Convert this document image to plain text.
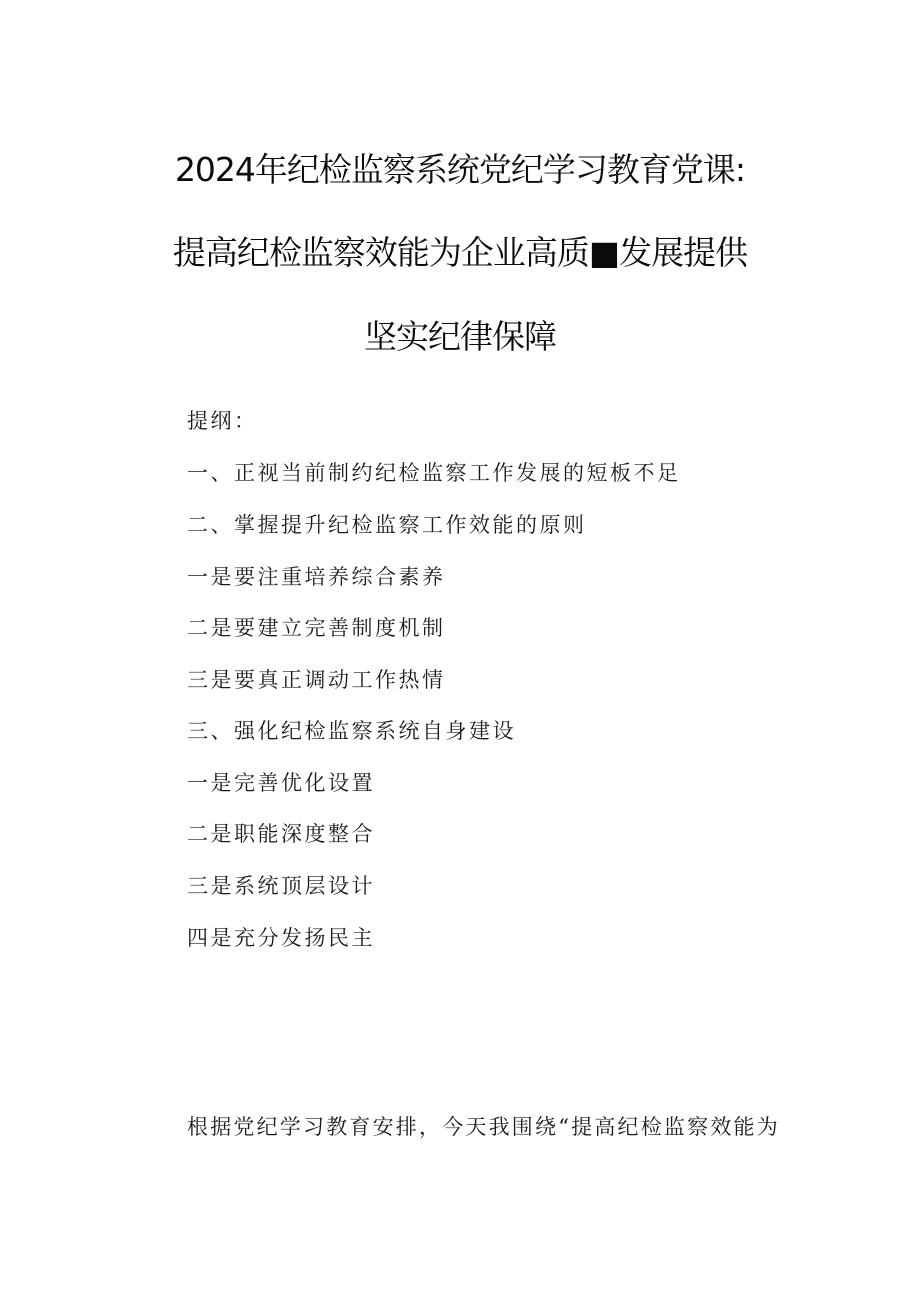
2024年纪检监察系统党纪学习教育党课:
提高纪检监察效能为企业高质■发展提供
坚实纪律保障
提纲：
一、正视当前制约纪检监察工作发展的短板不足
二、掌握提升纪检监察工作效能的原则
一是要注重培养综合素养
二是要建立完善制度机制
三是要真正调动工作热情
三、强化纪检监察系统自身建设
一是完善优化设置
二是职能深度整合
三是系统顶层设计
四是充分发扬民主
根据党纪学习教育安排，今天我围绕“提高纪检监察效能为
